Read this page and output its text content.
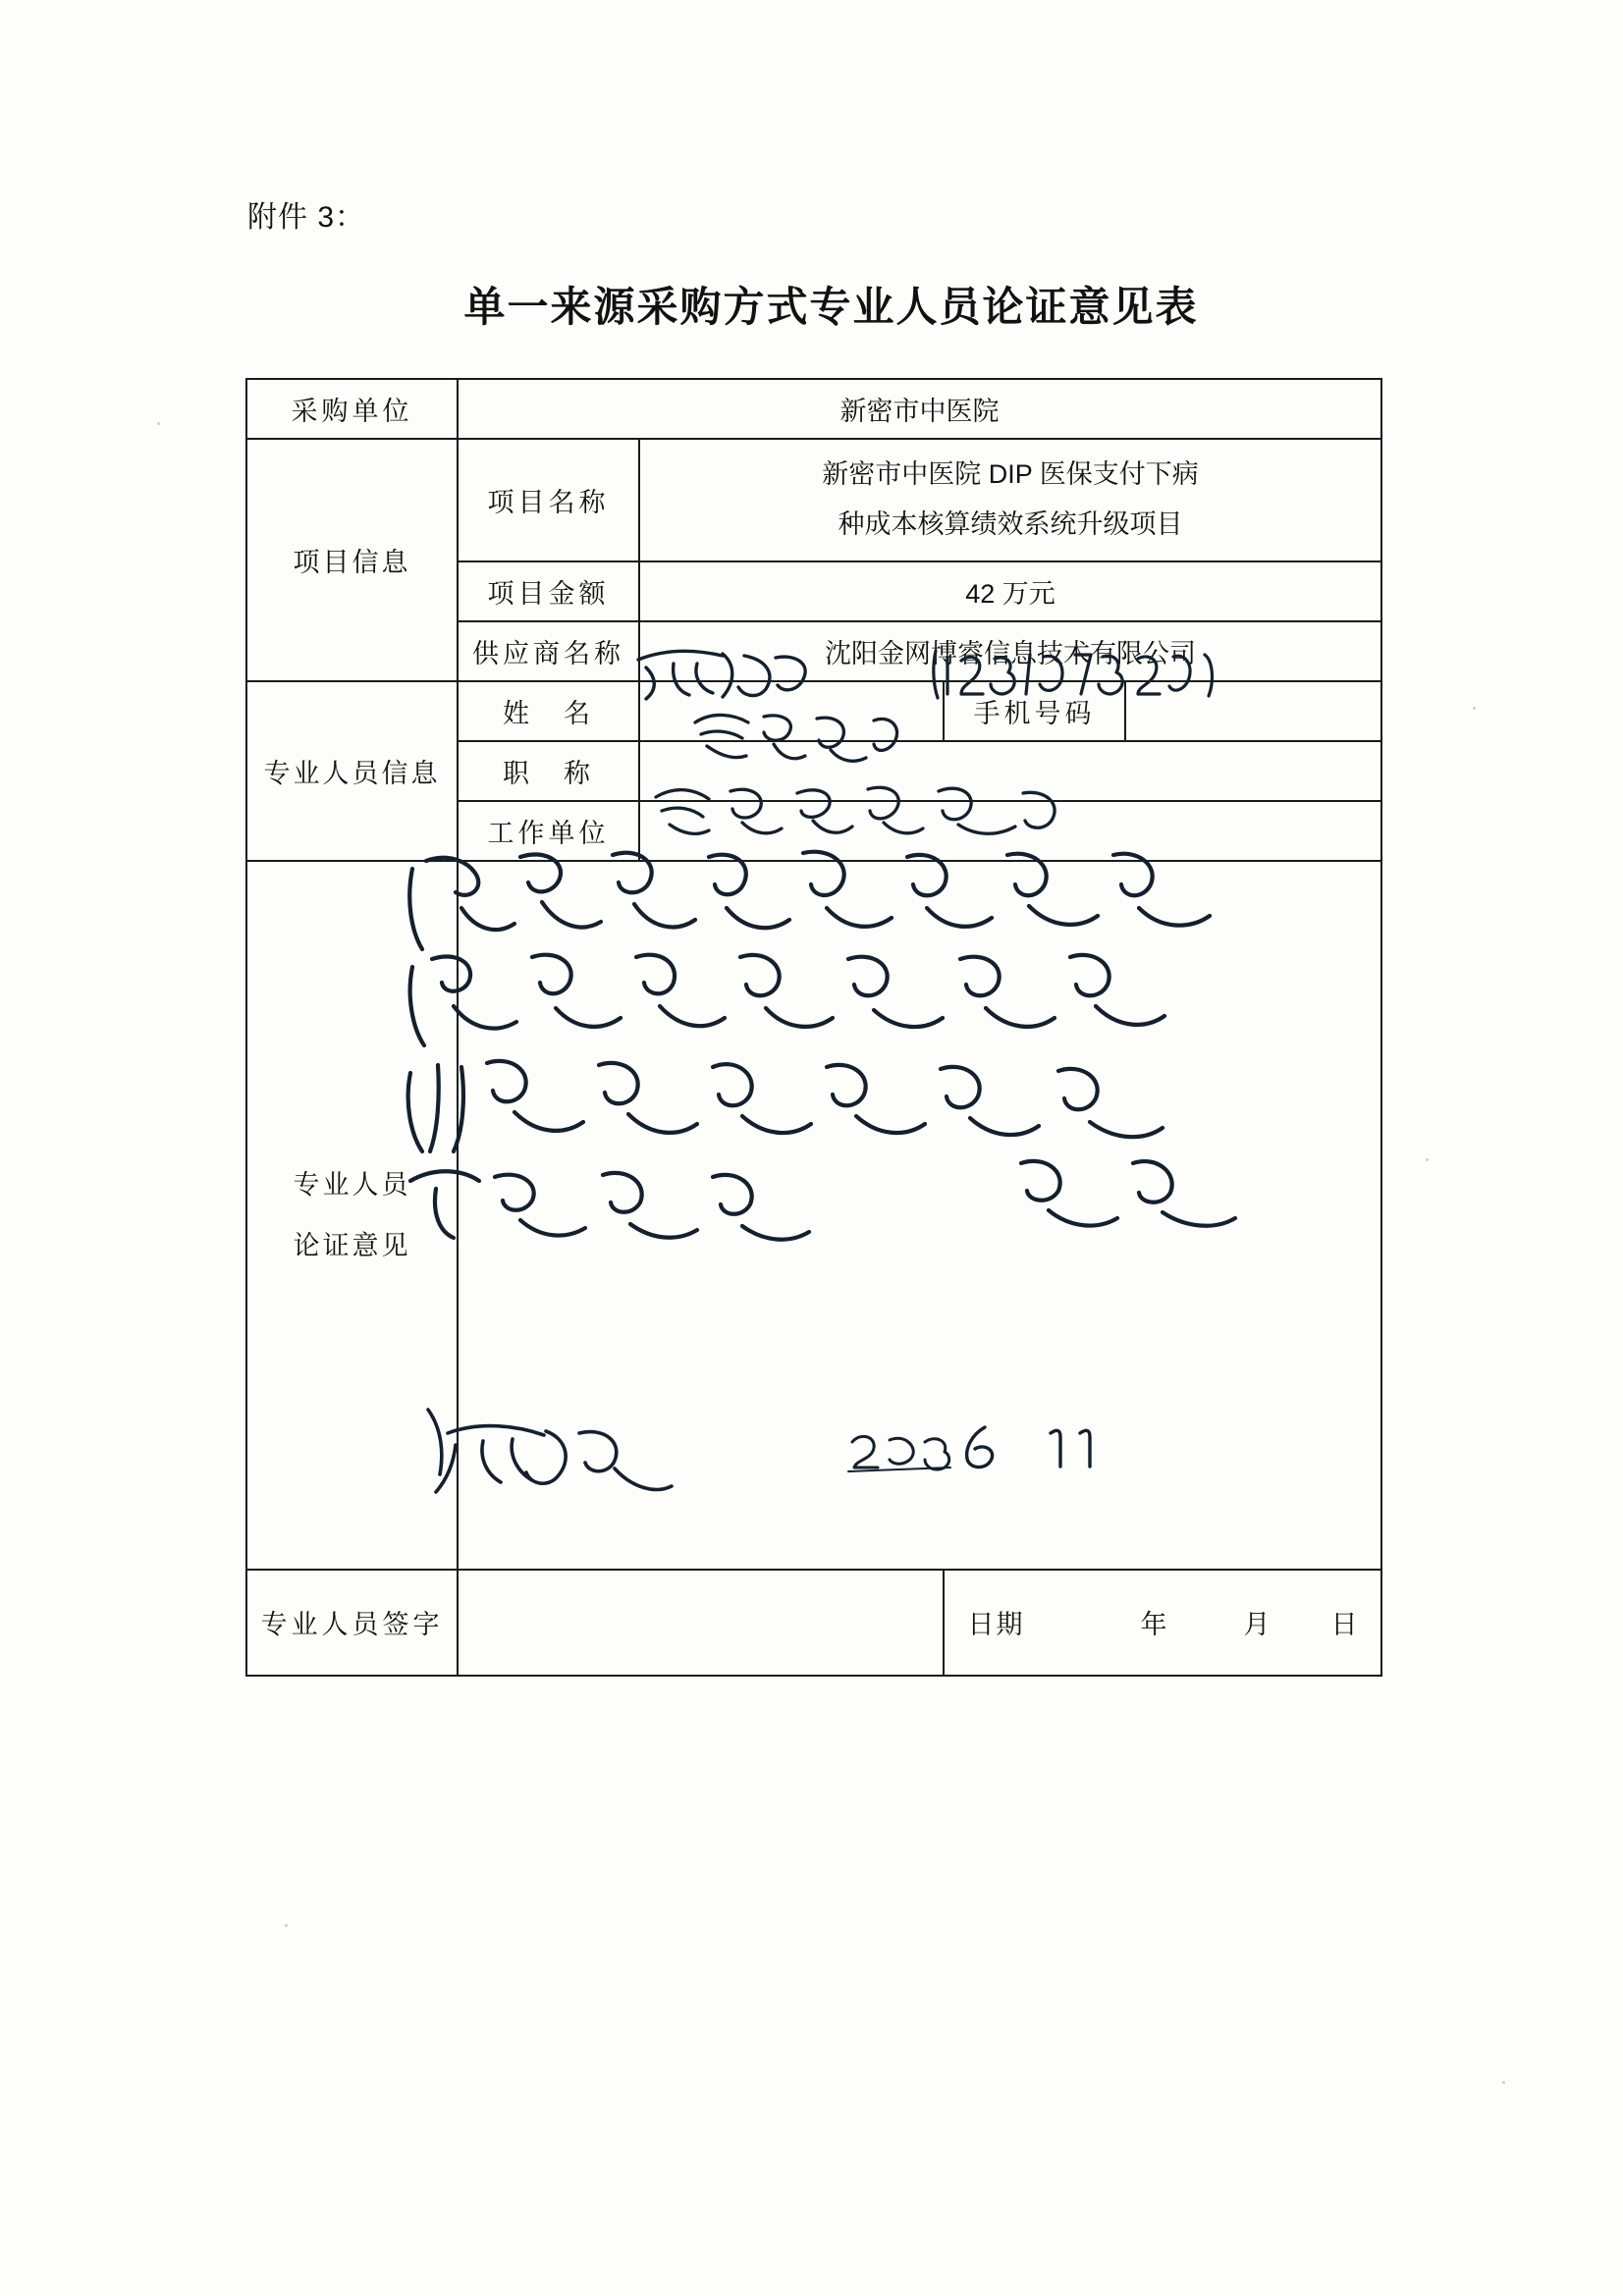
附件 3：
单一来源采购方式专业人员论证意见表
采购单位	新密市中医院			
项目信息	项目名称	新密市中医院 DIP 医保支付下病
种成本核算绩效系统升级项目		

	项目金额	42 万元		
	供应商名称	沈阳金网博睿信息技术有限公司		
专业人员信息	姓　名		手机号码	
	职　称			
	工作单位			

专业人员
论证意见				

专业人员签字			日期 年 月 日	
